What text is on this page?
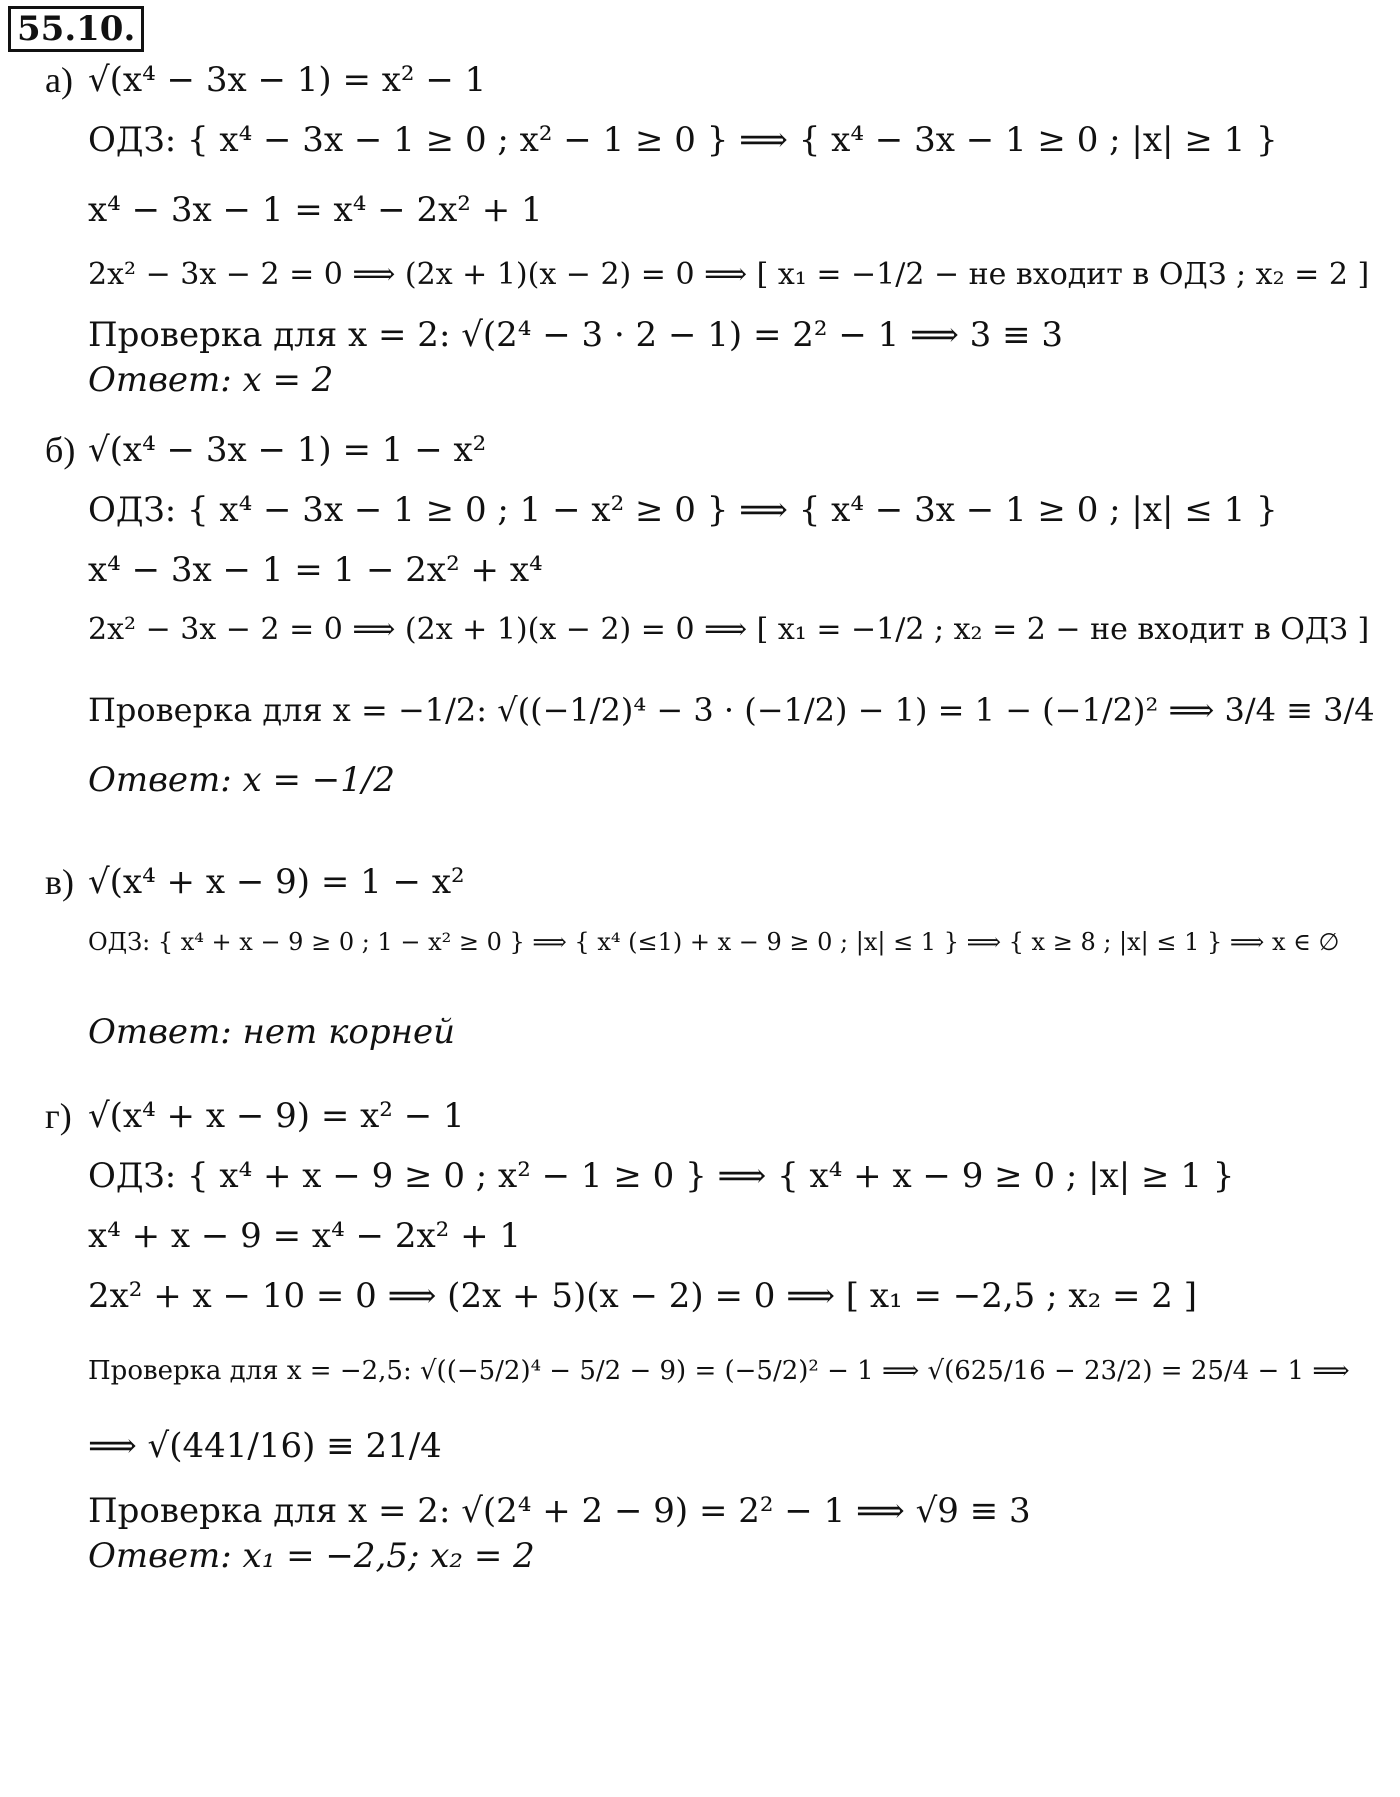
55.10.
а) √(x⁴ − 3x − 1) = x² − 1
ОДЗ: { x⁴ − 3x − 1 ≥ 0 ; x² − 1 ≥ 0 } ⟹ { x⁴ − 3x − 1 ≥ 0 ; |x| ≥ 1 }
x⁴ − 3x − 1 = x⁴ − 2x² + 1
2x² − 3x − 2 = 0 ⟹ (2x + 1)(x − 2) = 0 ⟹ [ x₁ = −1/2 − не входит в ОДЗ ; x₂ = 2 ]
Проверка для x = 2: √(2⁴ − 3 · 2 − 1) = 2² − 1 ⟹ 3 ≡ 3
Ответ: x = 2
б) √(x⁴ − 3x − 1) = 1 − x²
ОДЗ: { x⁴ − 3x − 1 ≥ 0 ; 1 − x² ≥ 0 } ⟹ { x⁴ − 3x − 1 ≥ 0 ; |x| ≤ 1 }
x⁴ − 3x − 1 = 1 − 2x² + x⁴
2x² − 3x − 2 = 0 ⟹ (2x + 1)(x − 2) = 0 ⟹ [ x₁ = −1/2 ; x₂ = 2 − не входит в ОДЗ ]
Проверка для x = −1/2: √((−1/2)⁴ − 3 · (−1/2) − 1) = 1 − (−1/2)² ⟹ 3/4 ≡ 3/4
Ответ: x = −1/2
в) √(x⁴ + x − 9) = 1 − x²
ОДЗ: { x⁴ + x − 9 ≥ 0 ; 1 − x² ≥ 0 } ⟹ { x⁴ (≤1) + x − 9 ≥ 0 ; |x| ≤ 1 } ⟹ { x ≥ 8 ; |x| ≤ 1 } ⟹ x ∈ ∅
Ответ: нет корней
г) √(x⁴ + x − 9) = x² − 1
ОДЗ: { x⁴ + x − 9 ≥ 0 ; x² − 1 ≥ 0 } ⟹ { x⁴ + x − 9 ≥ 0 ; |x| ≥ 1 }
x⁴ + x − 9 = x⁴ − 2x² + 1
2x² + x − 10 = 0 ⟹ (2x + 5)(x − 2) = 0 ⟹ [ x₁ = −2,5 ; x₂ = 2 ]
Проверка для x = −2,5: √((−5/2)⁴ − 5/2 − 9) = (−5/2)² − 1 ⟹ √(625/16 − 23/2) = 25/4 − 1 ⟹
⟹ √(441/16) ≡ 21/4
Проверка для x = 2: √(2⁴ + 2 − 9) = 2² − 1 ⟹ √9 ≡ 3
Ответ: x₁ = −2,5; x₂ = 2
